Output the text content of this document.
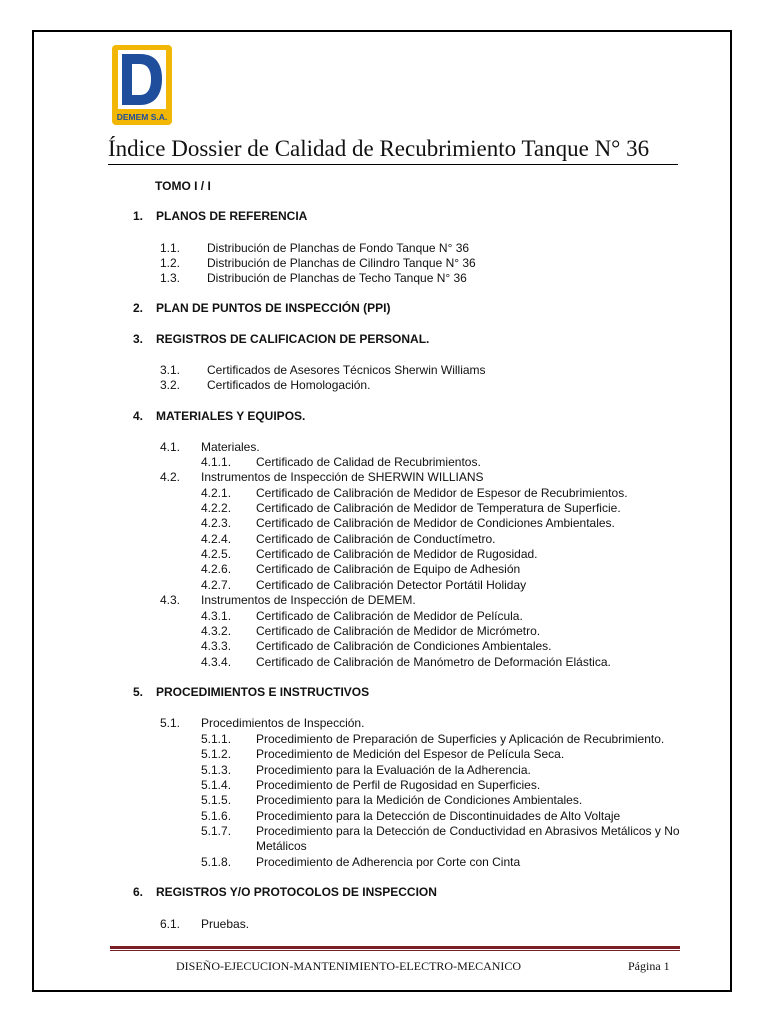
DEMEM S.A.
Índice Dossier de Calidad de Recubrimiento Tanque N° 36
TOMO I / I
1. PLANOS DE REFERENCIA
1.1. Distribución de Planchas de Fondo Tanque N° 36
1.2. Distribución de Planchas de Cilindro Tanque N° 36
1.3. Distribución de Planchas de Techo Tanque N° 36
2. PLAN DE PUNTOS DE INSPECCIÓN (PPI)
3. REGISTROS DE CALIFICACION DE PERSONAL.
3.1. Certificados de Asesores Técnicos Sherwin Williams
3.2. Certificados de Homologación.
4. MATERIALES Y EQUIPOS.
4.1. Materiales.
4.1.1. Certificado de Calidad de Recubrimientos.
4.2. Instrumentos de Inspección de SHERWIN WILLIANS
4.2.1. Certificado de Calibración de Medidor de Espesor de Recubrimientos.
4.2.2. Certificado de Calibración de Medidor de Temperatura de Superficie.
4.2.3. Certificado de Calibración de Medidor de Condiciones Ambientales.
4.2.4. Certificado de Calibración de Conductímetro.
4.2.5. Certificado de Calibración de Medidor de Rugosidad.
4.2.6. Certificado de Calibración de Equipo de Adhesión
4.2.7. Certificado de Calibración Detector Portátil Holiday
4.3. Instrumentos de Inspección de DEMEM.
4.3.1. Certificado de Calibración de Medidor de Película.
4.3.2. Certificado de Calibración de Medidor de Micrómetro.
4.3.3. Certificado de Calibración de Condiciones Ambientales.
4.3.4. Certificado de Calibración de Manómetro de Deformación Elástica.
5. PROCEDIMIENTOS E INSTRUCTIVOS
5.1. Procedimientos de Inspección.
5.1.1. Procedimiento de Preparación de Superficies y Aplicación de Recubrimiento.
5.1.2. Procedimiento de Medición del Espesor de Película Seca.
5.1.3. Procedimiento para la Evaluación de la Adherencia.
5.1.4. Procedimiento de Perfil de Rugosidad en Superficies.
5.1.5. Procedimiento para la Medición de Condiciones Ambientales.
5.1.6. Procedimiento para la Detección de Discontinuidades de Alto Voltaje
5.1.7. Procedimiento para la Detección de Conductividad en Abrasivos Metálicos y No
Metálicos
5.1.8. Procedimiento de Adherencia por Corte con Cinta
6. REGISTROS Y/O PROTOCOLOS DE INSPECCION
6.1. Pruebas.
DISEÑO-EJECUCION-MANTENIMIENTO-ELECTRO-MECANICO	Página 1
